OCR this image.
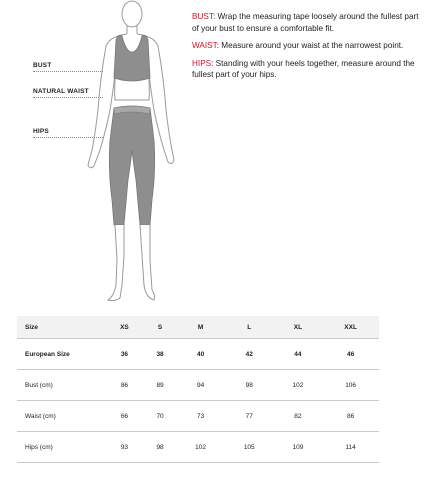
BUST
NATURAL WAIST
HIPS

BUST: Wrap the measuring tape loosely around the fullest part of your bust to ensure a comfortable fit.

WAIST: Measure around your waist at the narrowest point.

HIPS: Standing with your heels together, measure around the fullest part of your hips.

Size	XS	S	M	L	XL	XXL
European Size	36	38	40	42	44	46
Bust (cm)	86	89	94	98	102	106
Waist (cm)	66	70	73	77	82	86
Hips (cm)	93	98	102	105	109	114
